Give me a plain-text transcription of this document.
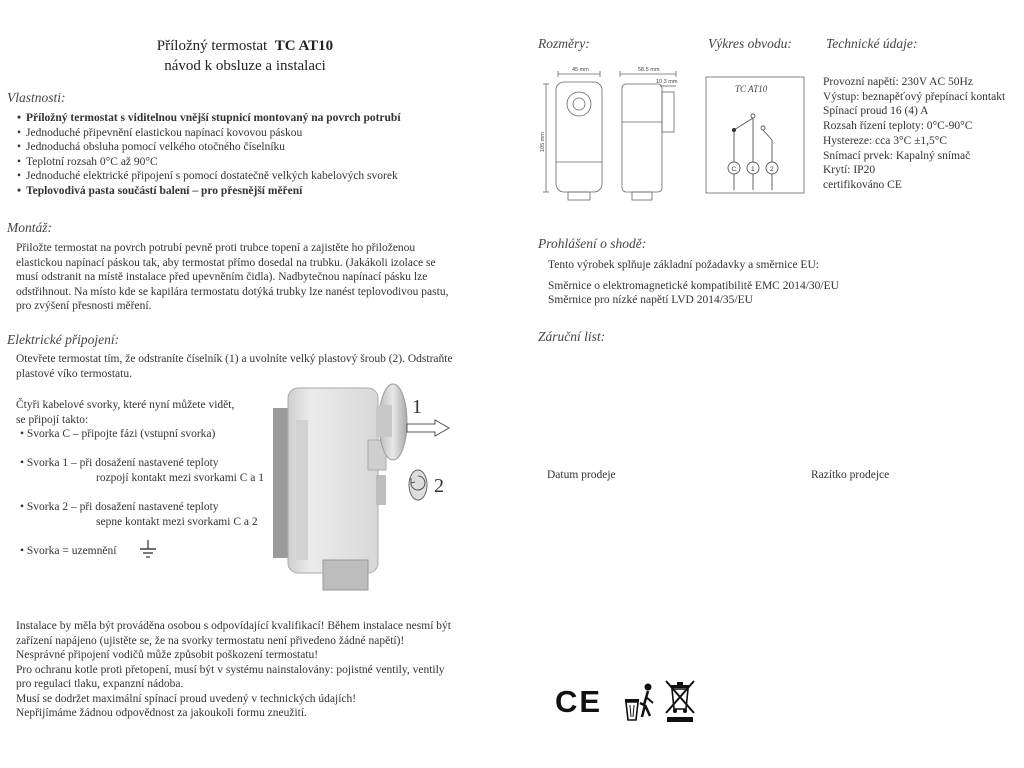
Příložný termostat TC AT10
návod k obsluze a instalaci
Vlastnosti:
• Příložný termostat s viditelnou vnější stupnicí montovaný na povrch potrubí
• Jednoduché připevnění elastickou napínací kovovou páskou
• Jednoduchá obsluha pomocí velkého otočného číselníku
• Teplotní rozsah 0°C až 90°C
• Jednoduché elektrické připojení s pomocí dostatečně velkých kabelových svorek
• Teplovodivá pasta součástí balení – pro přesnější měření
Montáž:
Přiložte termostat na povrch potrubí pevně proti trubce topení a zajistěte ho přiloženou
elastickou napínací páskou tak, aby termostat přímo dosedal na trubku. (Jakákoli izolace se
musí odstranit na místě instalace před upevněním čidla). Nadbytečnou napínací pásku lze
odstřihnout. Na místo kde se kapilára termostatu dotýká trubky lze nanést teplovodivou pastu,
pro zvýšení přesnosti měření.
Elektrické připojení:
Otevřete termostat tím, že odstraníte číselník (1) a uvolníte velký plastový šroub (2). Odstraňte
plastové víko termostatu.
Čtyři kabelové svorky, které nyní můžete vidět,
se připojí takto:
• Svorka C – připojte fázi (vstupní svorka)
• Svorka 1 – při dosažení nastavené teploty
rozpojí kontakt mezi svorkami C a 1
• Svorka 2 – při dosažení nastavené teploty
sepne kontakt mezi svorkami C a 2
• Svorka = uzemnění
1
2
Instalace by měla být prováděna osobou s odpovídající kvalifikací! Během instalace nesmí být
zařízení napájeno (ujistěte se, že na svorky termostatu není přivedeno žádné napětí)!
Nesprávné připojení vodičů může způsobit poškození termostatu!
Pro ochranu kotle proti přetopení, musí být v systému nainstalovány: pojistné ventily, ventily
pro regulaci tlaku, expanzní nádoba.
Musí se dodržet maximální spínací proud uvedený v technických údajích!
Nepřijímáme žádnou odpovědnost za jakoukoli formu zneužití.
Rozměry:	Výkres obvodu:	Technické údaje:
45 mm	58.5 mm
10.3 mm
105 mm
TC AT10
C 1 2
Provozní napětí: 230V AC 50Hz
Výstup: beznapěťový přepínací kontakt
Spínací proud 16 (4) A
Rozsah řízení teploty: 0°C-90°C
Hystereze: cca 3°C ±1,5°C
Snímací prvek: Kapalný snímač
Krytí: IP20
certifikováno CE
Prohlášení o shodě:
Tento výrobek splňuje základní požadavky a směrnice EU:
Směrnice o elektromagnetické kompatibilitě EMC 2014/30/EU
Směrnice pro nízké napětí LVD 2014/35/EU
Záruční list:
Datum prodeje	Razítko prodejce
CE
